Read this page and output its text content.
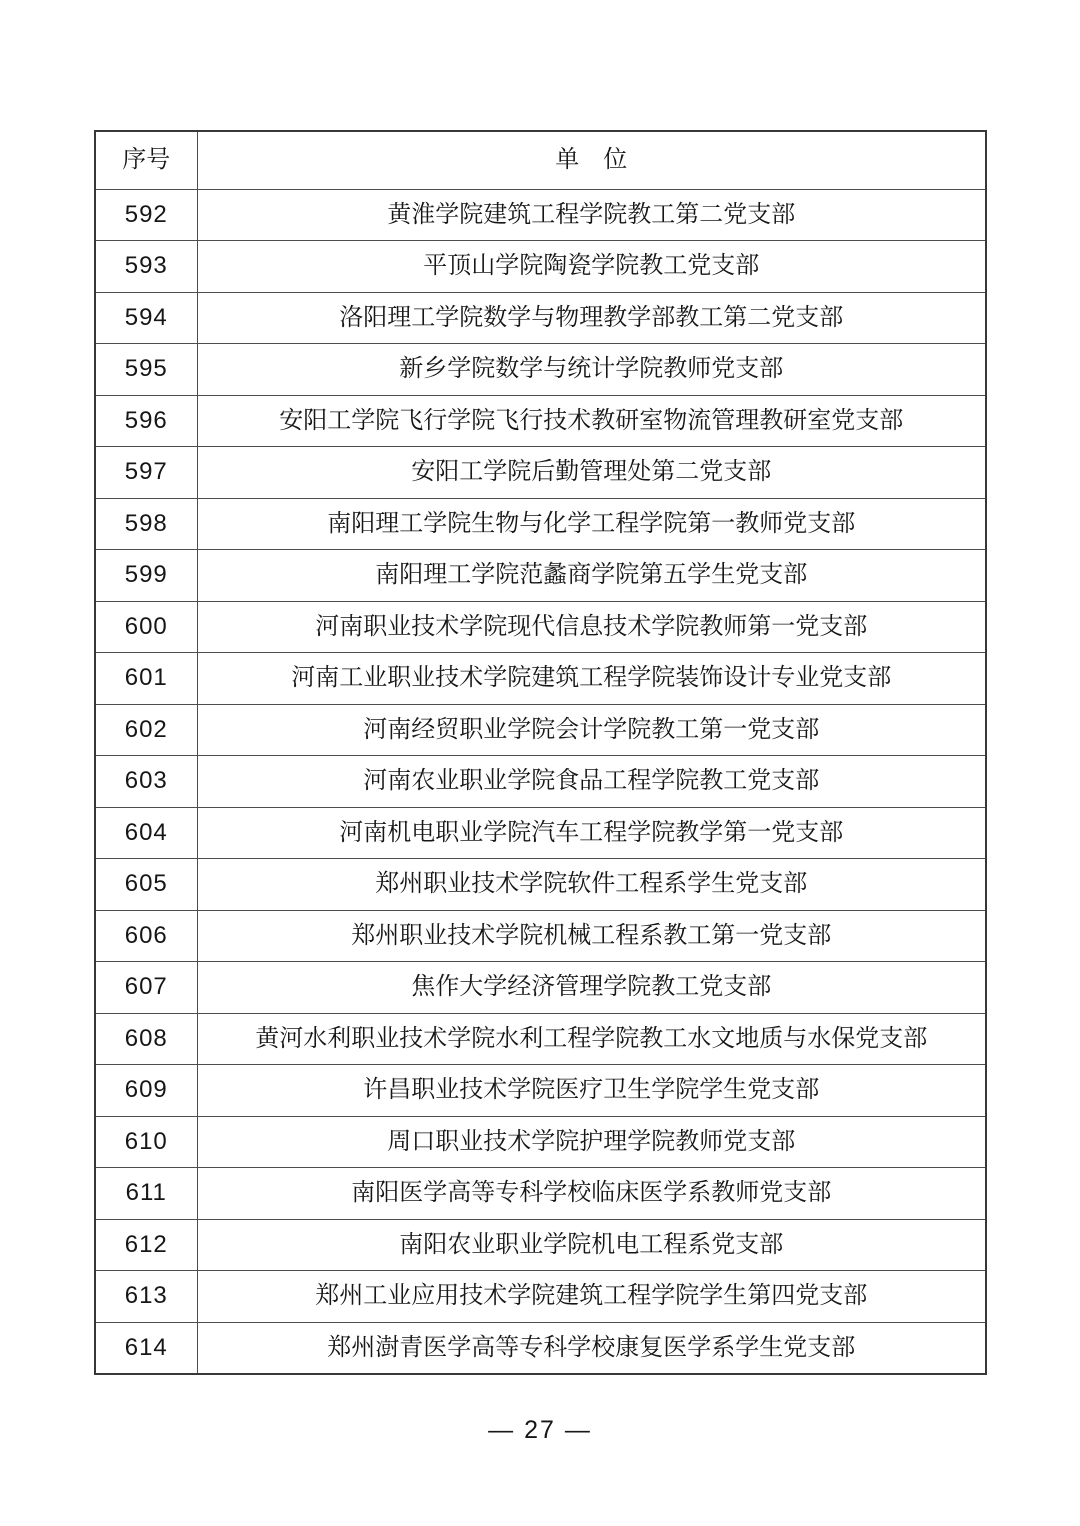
序号	单　位
592	黄淮学院建筑工程学院教工第二党支部
593	平顶山学院陶瓷学院教工党支部
594	洛阳理工学院数学与物理教学部教工第二党支部
595	新乡学院数学与统计学院教师党支部
596	安阳工学院飞行学院飞行技术教研室物流管理教研室党支部
597	安阳工学院后勤管理处第二党支部
598	南阳理工学院生物与化学工程学院第一教师党支部
599	南阳理工学院范蠡商学院第五学生党支部
600	河南职业技术学院现代信息技术学院教师第一党支部
601	河南工业职业技术学院建筑工程学院装饰设计专业党支部
602	河南经贸职业学院会计学院教工第一党支部
603	河南农业职业学院食品工程学院教工党支部
604	河南机电职业学院汽车工程学院教学第一党支部
605	郑州职业技术学院软件工程系学生党支部
606	郑州职业技术学院机械工程系教工第一党支部
607	焦作大学经济管理学院教工党支部
608	黄河水利职业技术学院水利工程学院教工水文地质与水保党支部
609	许昌职业技术学院医疗卫生学院学生党支部
610	周口职业技术学院护理学院教师党支部
611	南阳医学高等专科学校临床医学系教师党支部
612	南阳农业职业学院机电工程系党支部
613	郑州工业应用技术学院建筑工程学院学生第四党支部
614	郑州澍青医学高等专科学校康复医学系学生党支部
— 27 —
